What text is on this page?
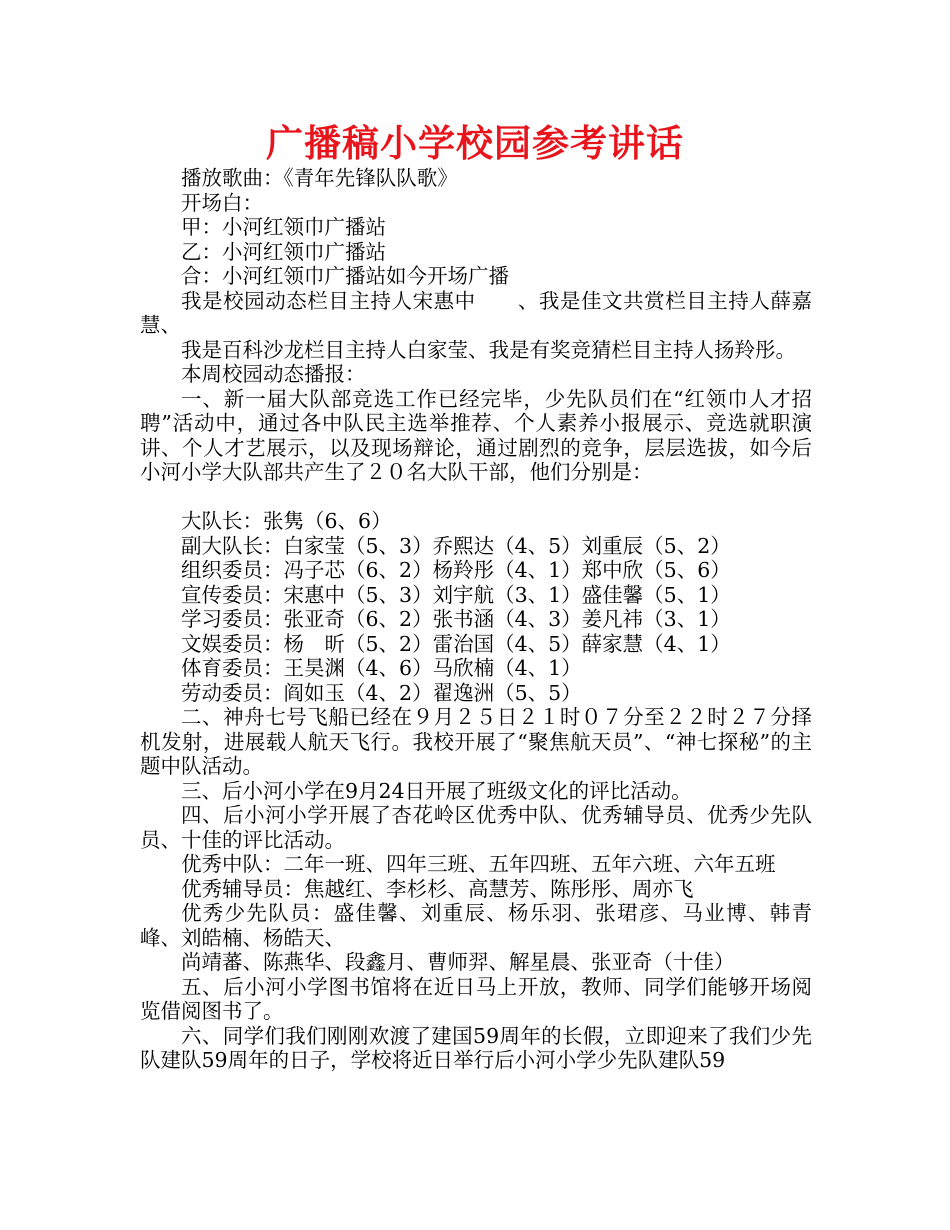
广播稿小学校园参考讲话

播放歌曲：《青年先锋队队歌》

开场白：

甲：小河红领巾广播站

乙：小河红领巾广播站

合：小河红领巾广播站如今开场广播

我是校园动态栏目主持人宋惠中　　、我是佳文共赏栏目主持人薛嘉慧、

我是百科沙龙栏目主持人白家莹、我是有奖竞猜栏目主持人扬羚彤。

本周校园动态播报：

一、新一届大队部竞选工作已经完毕，少先队员们在“红领巾人才招聘”活动中，通过各中队民主选举推荐、个人素养小报展示、竞选就职演讲、个人才艺展示，以及现场辩论，通过剧烈的竞争，层层选拔，如今后小河小学大队部共产生了２０名大队干部，他们分别是：

大队长：张隽（6、6）

副大队长：白家莹（5、3）乔熙达（4、5）刘重辰（5、2）

组织委员：冯子芯（6、2）杨羚彤（4、1）郑中欣（5、6）

宣传委员：宋惠中（5、3）刘宇航（3、1）盛佳馨（5、1）

学习委员：张亚奇（6、2）张书涵（4、3）姜凡祎（3、1）

文娱委员：杨　昕（5、2）雷治国（4、5）薛家慧（4、1）

体育委员：王昊渊（4、6）马欣楠（4、1）

劳动委员：阎如玉（4、2）翟逸洲（5、5）

二、神舟七号飞船已经在９月２５日２１时０７分至２２时２７分择机发射，进展载人航天飞行。我校开展了“聚焦航天员”、“神七探秘”的主题中队活动。

三、后小河小学在9月24日开展了班级文化的评比活动。

四、后小河小学开展了杏花岭区优秀中队、优秀辅导员、优秀少先队员、十佳的评比活动。

优秀中队：二年一班、四年三班、五年四班、五年六班、六年五班

优秀辅导员：焦越红、李杉杉、高慧芳、陈彤彤、周亦飞

优秀少先队员：盛佳馨、刘重辰、杨乐羽、张珺彦、马业博、韩青峰、刘皓楠、杨皓天、

尚靖蕃、陈燕华、段鑫月、曹师羿、解星晨、张亚奇（十佳）

五、后小河小学图书馆将在近日马上开放，教师、同学们能够开场阅览借阅图书了。

六、同学们我们刚刚欢渡了建国59周年的长假，立即迎来了我们少先队建队59周年的日子，学校将近日举行后小河小学少先队建队59
